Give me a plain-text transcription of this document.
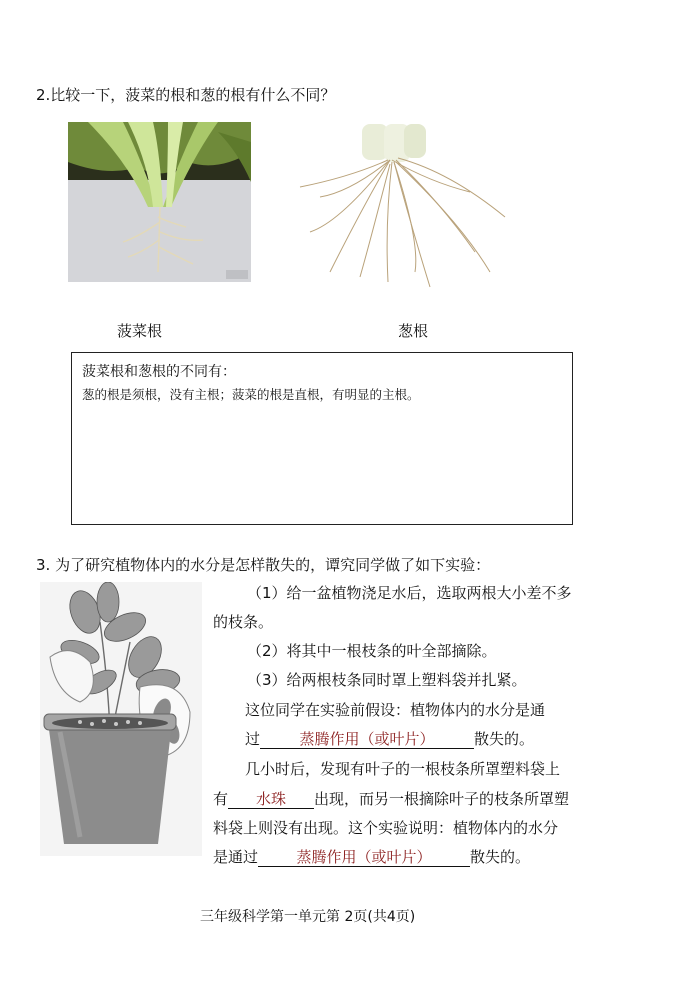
2.比较一下，菠菜的根和葱的根有什么不同？
菠菜根	葱根
菠菜根和葱根的不同有：
葱的根是须根，没有主根；菠菜的根是直根，有明显的主根。
3. 为了研究植物体内的水分是怎样散失的，谭究同学做了如下实验：
（1）给一盆植物浇足水后，选取两根大小差不多
的枝条。
（2）将其中一根枝条的叶全部摘除。
（3）给两根枝条同时罩上塑料袋并扎紧。
这位同学在实验前假设：植物体内的水分是通
过	蒸腾作用（或叶片）	散失的。
几小时后，发现有叶子的一根枝条所罩塑料袋上
有 水珠 出现，而另一根摘除叶子的枝条所罩塑
料袋上则没有出现。这个实验说明：植物体内的水分
是通过	蒸腾作用（或叶片）	散失的。
三年级科学第一单元第 2页(共4页)
